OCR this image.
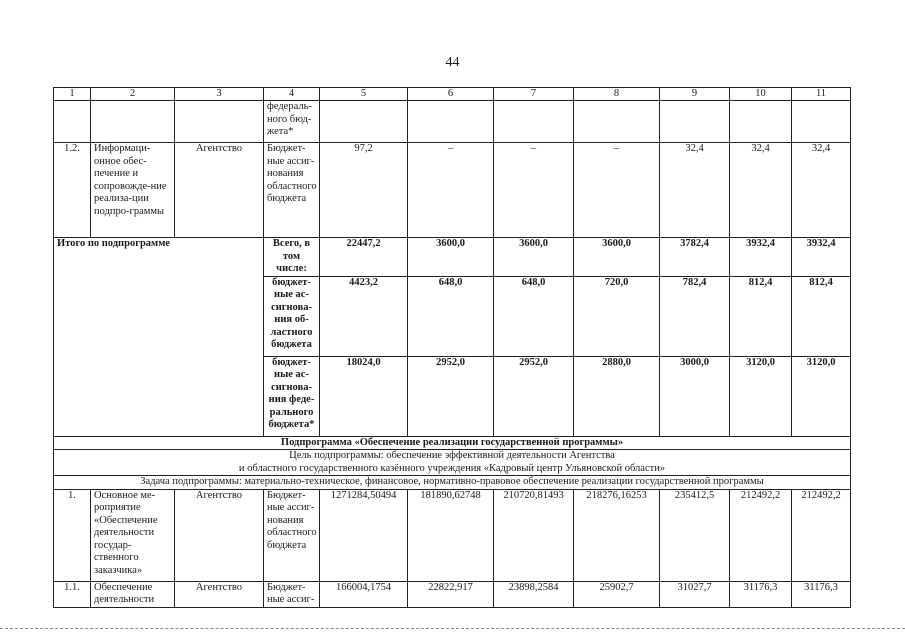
44
1	2	3	4	5	6	7	8	9	10	11
			федераль-ного бюд-жета*							
1.2.	Информаци-онное обес-печение и сопровожде-ние реализа-ции подпро-граммы	Агентство	Бюджет-ные ассиг-нования областного бюджета	97,2	–	–	–	32,4	32,4	32,4
Итого по подпрограмме			Всего, в том числе:	22447,2	3600,0	3600,0	3600,0	3782,4	3932,4	3932,4
			бюджет-ные ас-сигнова-ния об-ластного бюджета	4423,2	648,0	648,0	720,0	782,4	812,4	812,4
			бюджет-ные ас-сигнова-ния феде-рального бюджета*	18024,0	2952,0	2952,0	2880,0	3000,0	3120,0	3120,0
Подпрограмма «Обеспечение реализации государственной программы»										

Цель подпрограммы: обеспечение эффективной деятельности Агентства
и областного государственного казённого учреждения «Кадровый центр Ульяновской области»										

Задача подпрограммы: материально-техническое, финансовое, нормативно-правовое обеспечение реализации государственной программы										
1.	Основное ме-роприятие «Обеспечение деятельности государ-ственного заказчика»	Агентство	Бюджет-ные ассиг-нования областного бюджета	1271284,50494	181890,62748	210720,81493	218276,16253	235412,5	212492,2	212492,2
1.1.	Обеспечение деятельности	Агентство	Бюджет-ные ассиг-	166004,1754	22822,917	23898,2584	25902,7	31027,7	31176,3	31176,3
